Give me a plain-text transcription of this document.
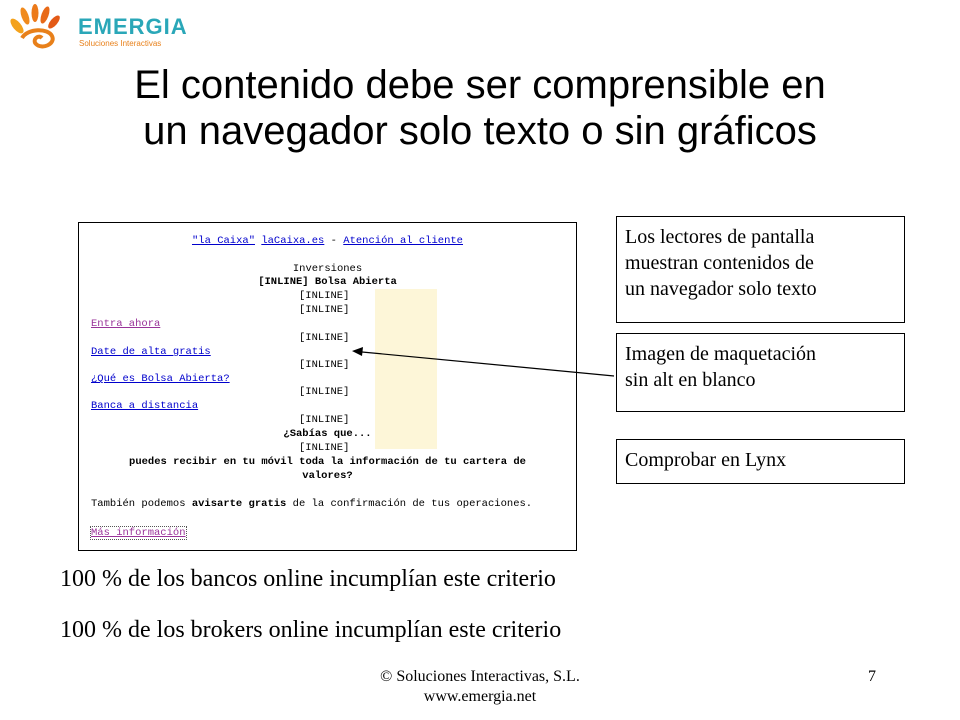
EMERGIA
Soluciones Interactivas
El contenido debe ser comprensible en
un navegador solo texto o sin gráficos
"la Caixa" laCaixa.es - Atención al cliente
Inversiones
[INLINE] Bolsa Abierta
[INLINE]
[INLINE]
Entra ahora
[INLINE]
Date de alta gratis
[INLINE]
¿Qué es Bolsa Abierta?
[INLINE]
Banca a distancia
[INLINE]
¿Sabías que...
[INLINE]
puedes recibir en tu móvil toda la información de tu cartera de
valores?
También podemos avisarte gratis de la confirmación de tus operaciones.
Más información
Los lectores de pantalla
muestran contenidos de
un navegador solo texto
Imagen de maquetación
sin alt en blanco
Comprobar en Lynx
100 % de los bancos online incumplían este criterio
100 % de los brokers online incumplían este criterio
© Soluciones Interactivas, S.L.
www.emergia.net
7
